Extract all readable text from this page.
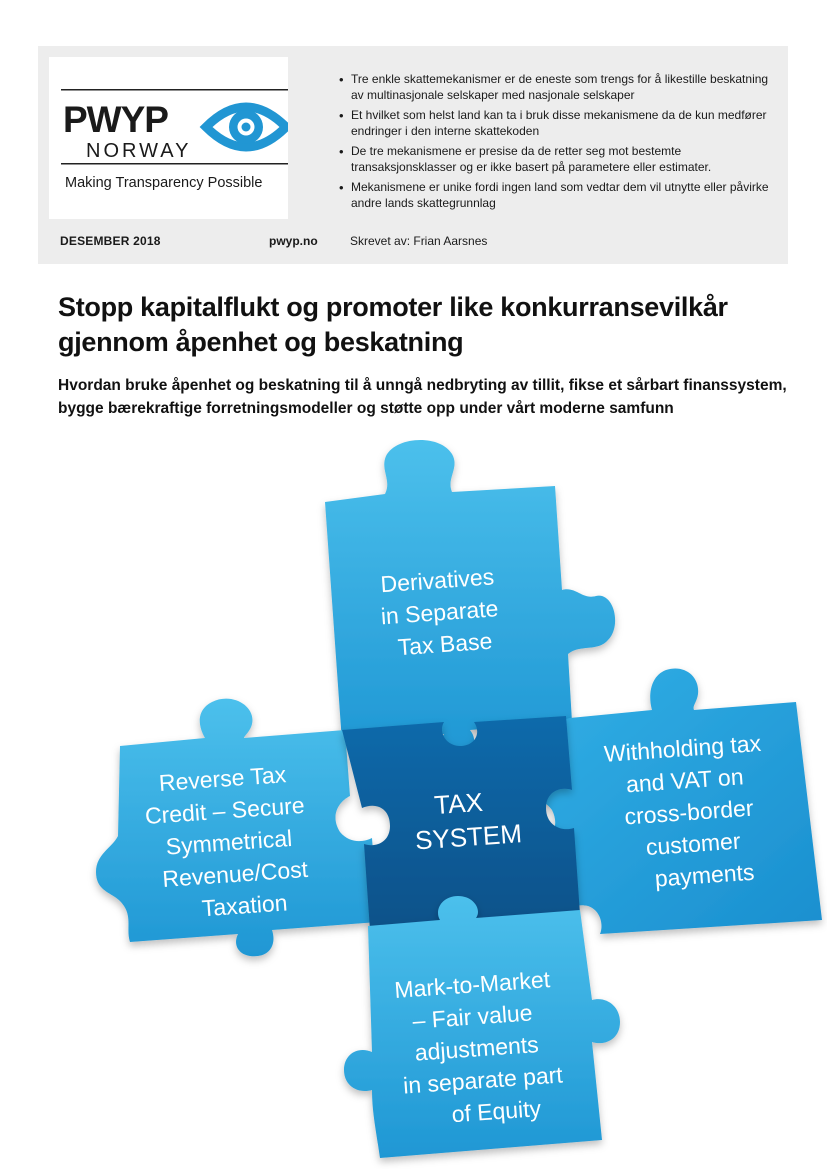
PWYP
NORWAY
Making Transparency Possible
• Tre enkle skattemekanismer er de eneste som trengs for å likestille beskatning av multinasjonale selskaper med nasjonale selskaper
• Et hvilket som helst land kan ta i bruk disse mekanismene da de kun medfører endringer i den interne skattekoden
• De tre mekanismene er presise da de retter seg mot bestemte transaksjonsklasser og er ikke basert på parametere eller estimater.
• Mekanismene er unike fordi ingen land som vedtar dem vil utnytte eller påvirke andre lands skattegrunnlag
DESEMBER 2018	pwyp.no	Skrevet av: Frian Aarsnes
Stopp kapitalflukt og promoter like konkurransevilkår gjennom åpenhet og beskatning

Hvordan bruke åpenhet og beskatning til å unngå nedbryting av tillit, fikse et sårbart finanssystem, bygge bærekraftige forretningsmodeller og støtte opp under vårt moderne samfunn

Derivatives in Separate Tax Base
Reverse Tax Credit – Secure Symmetrical Revenue/Cost Taxation
TAX SYSTEM
Withholding tax and VAT on cross-border customer payments
Mark-to-Market – Fair value adjustments in separate part of Equity
